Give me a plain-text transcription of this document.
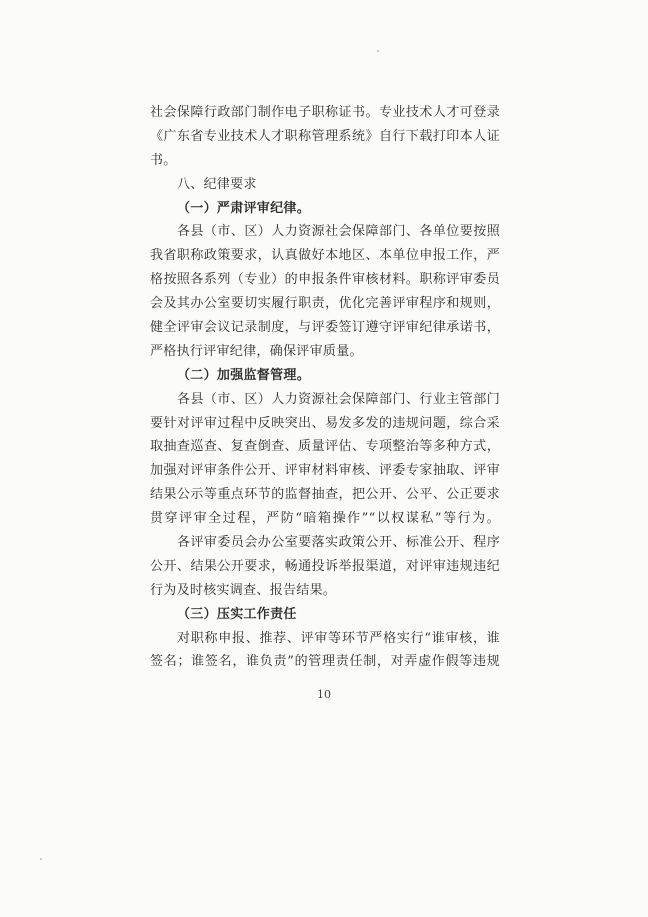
社会保障行政部门制作电子职称证书。专业技术人才可登录
《广东省专业技术人才职称管理系统》自行下载打印本人证
书。
八、纪律要求
（一）严肃评审纪律。
各县（市、区）人力资源社会保障部门、各单位要按照
我省职称政策要求，认真做好本地区、本单位申报工作，严
格按照各系列（专业）的申报条件审核材料。职称评审委员
会及其办公室要切实履行职责，优化完善评审程序和规则，
健全评审会议记录制度，与评委签订遵守评审纪律承诺书，
严格执行评审纪律，确保评审质量。
（二）加强监督管理。
各县（市、区）人力资源社会保障部门、行业主管部门
要针对评审过程中反映突出、易发多发的违规问题，综合采
取抽查巡查、复查倒查、质量评估、专项整治等多种方式，
加强对评审条件公开、评审材料审核、评委专家抽取、评审
结果公示等重点环节的监督抽查，把公开、公平、公正要求
贯穿评审全过程，严防“暗箱操作”“以权谋私”等行为。
各评审委员会办公室要落实政策公开、标准公开、程序
公开、结果公开要求，畅通投诉举报渠道，对评审违规违纪
行为及时核实调查、报告结果。
（三）压实工作责任
对职称申报、推荐、评审等环节严格实行“谁审核，谁
签名；谁签名，谁负责”的管理责任制，对弄虚作假等违规
10
